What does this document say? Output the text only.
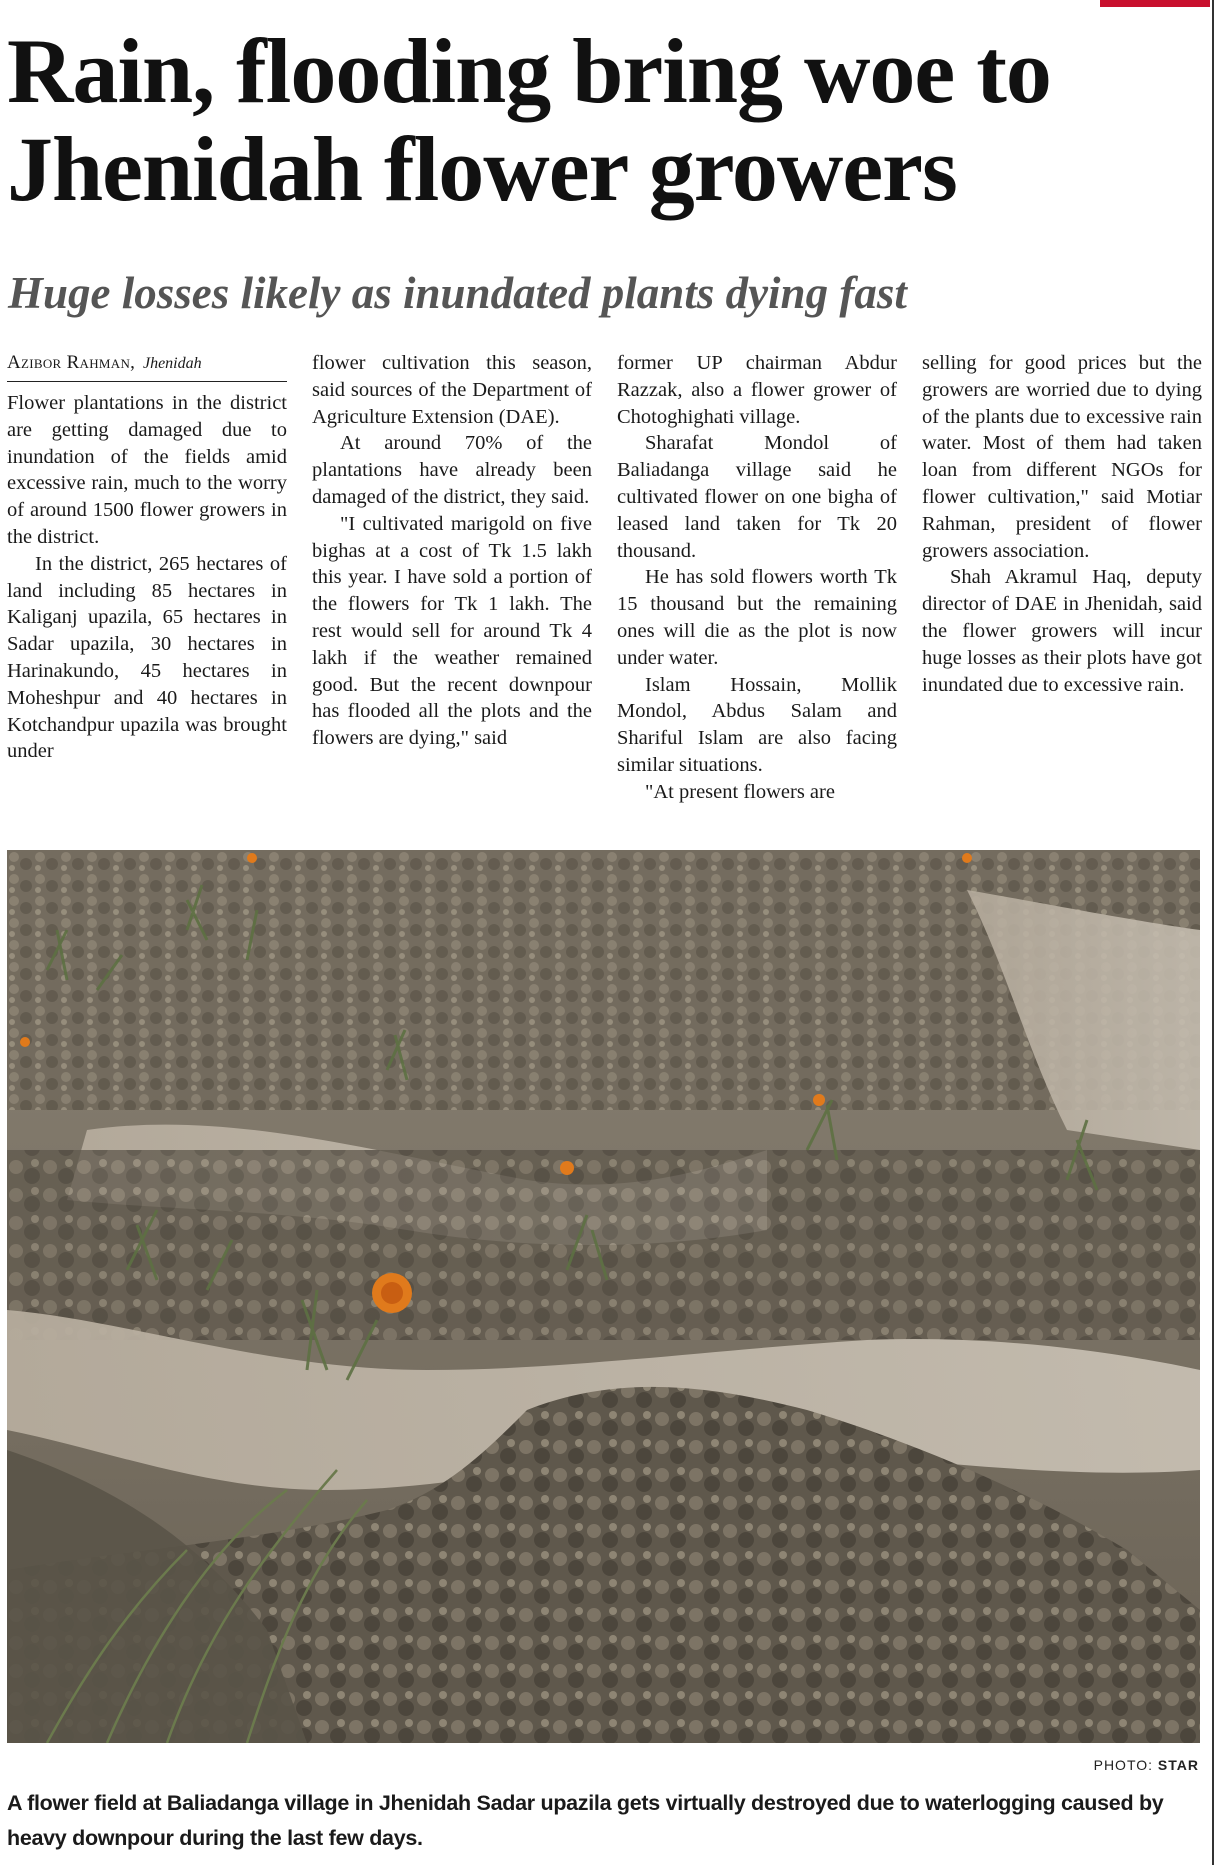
Rain, flooding bring woe to Jhenidah flower growers
Huge losses likely as inundated plants dying fast
Azibor Rahman, Jhenidah

Flower plantations in the district are getting damaged due to inundation of the fields amid excessive rain, much to the worry of around 1500 flower growers in the district.

In the district, 265 hectares of land including 85 hectares in Kaliganj upazila, 65 hectares in Sadar upazila, 30 hectares in Harinakundo, 45 hectares in Moheshpur and 40 hectares in Kotchandpur upazila was brought under

flower cultivation this season, said sources of the Department of Agriculture Extension (DAE).

At around 70% of the plantations have already been damaged of the district, they said.

"I cultivated marigold on five bighas at a cost of Tk 1.5 lakh this year. I have sold a portion of the flowers for Tk 1 lakh. The rest would sell for around Tk 4 lakh if the weather remained good. But the recent downpour has flooded all the plots and the flowers are dying," said

former UP chairman Abdur Razzak, also a flower grower of Chotoghighati village.

Sharafat Mondol of Baliadanga village said he cultivated flower on one bigha of leased land taken for Tk 20 thousand.

He has sold flowers worth Tk 15 thousand but the remaining ones will die as the plot is now under water.

Islam Hossain, Mollik Mondol, Abdus Salam and Shariful Islam are also facing similar situations.

"At present flowers are

selling for good prices but the growers are worried due to dying of the plants due to excessive rain water. Most of them had taken loan from different NGOs for flower cultivation," said Motiar Rahman, president of flower growers association.

Shah Akramul Haq, deputy director of DAE in Jhenidah, said the flower growers will incur huge losses as their plots have got inundated due to excessive rain.

PHOTO: STAR

A flower field at Baliadanga village in Jhenidah Sadar upazila gets virtually destroyed due to waterlogging caused by heavy downpour during the last few days.
